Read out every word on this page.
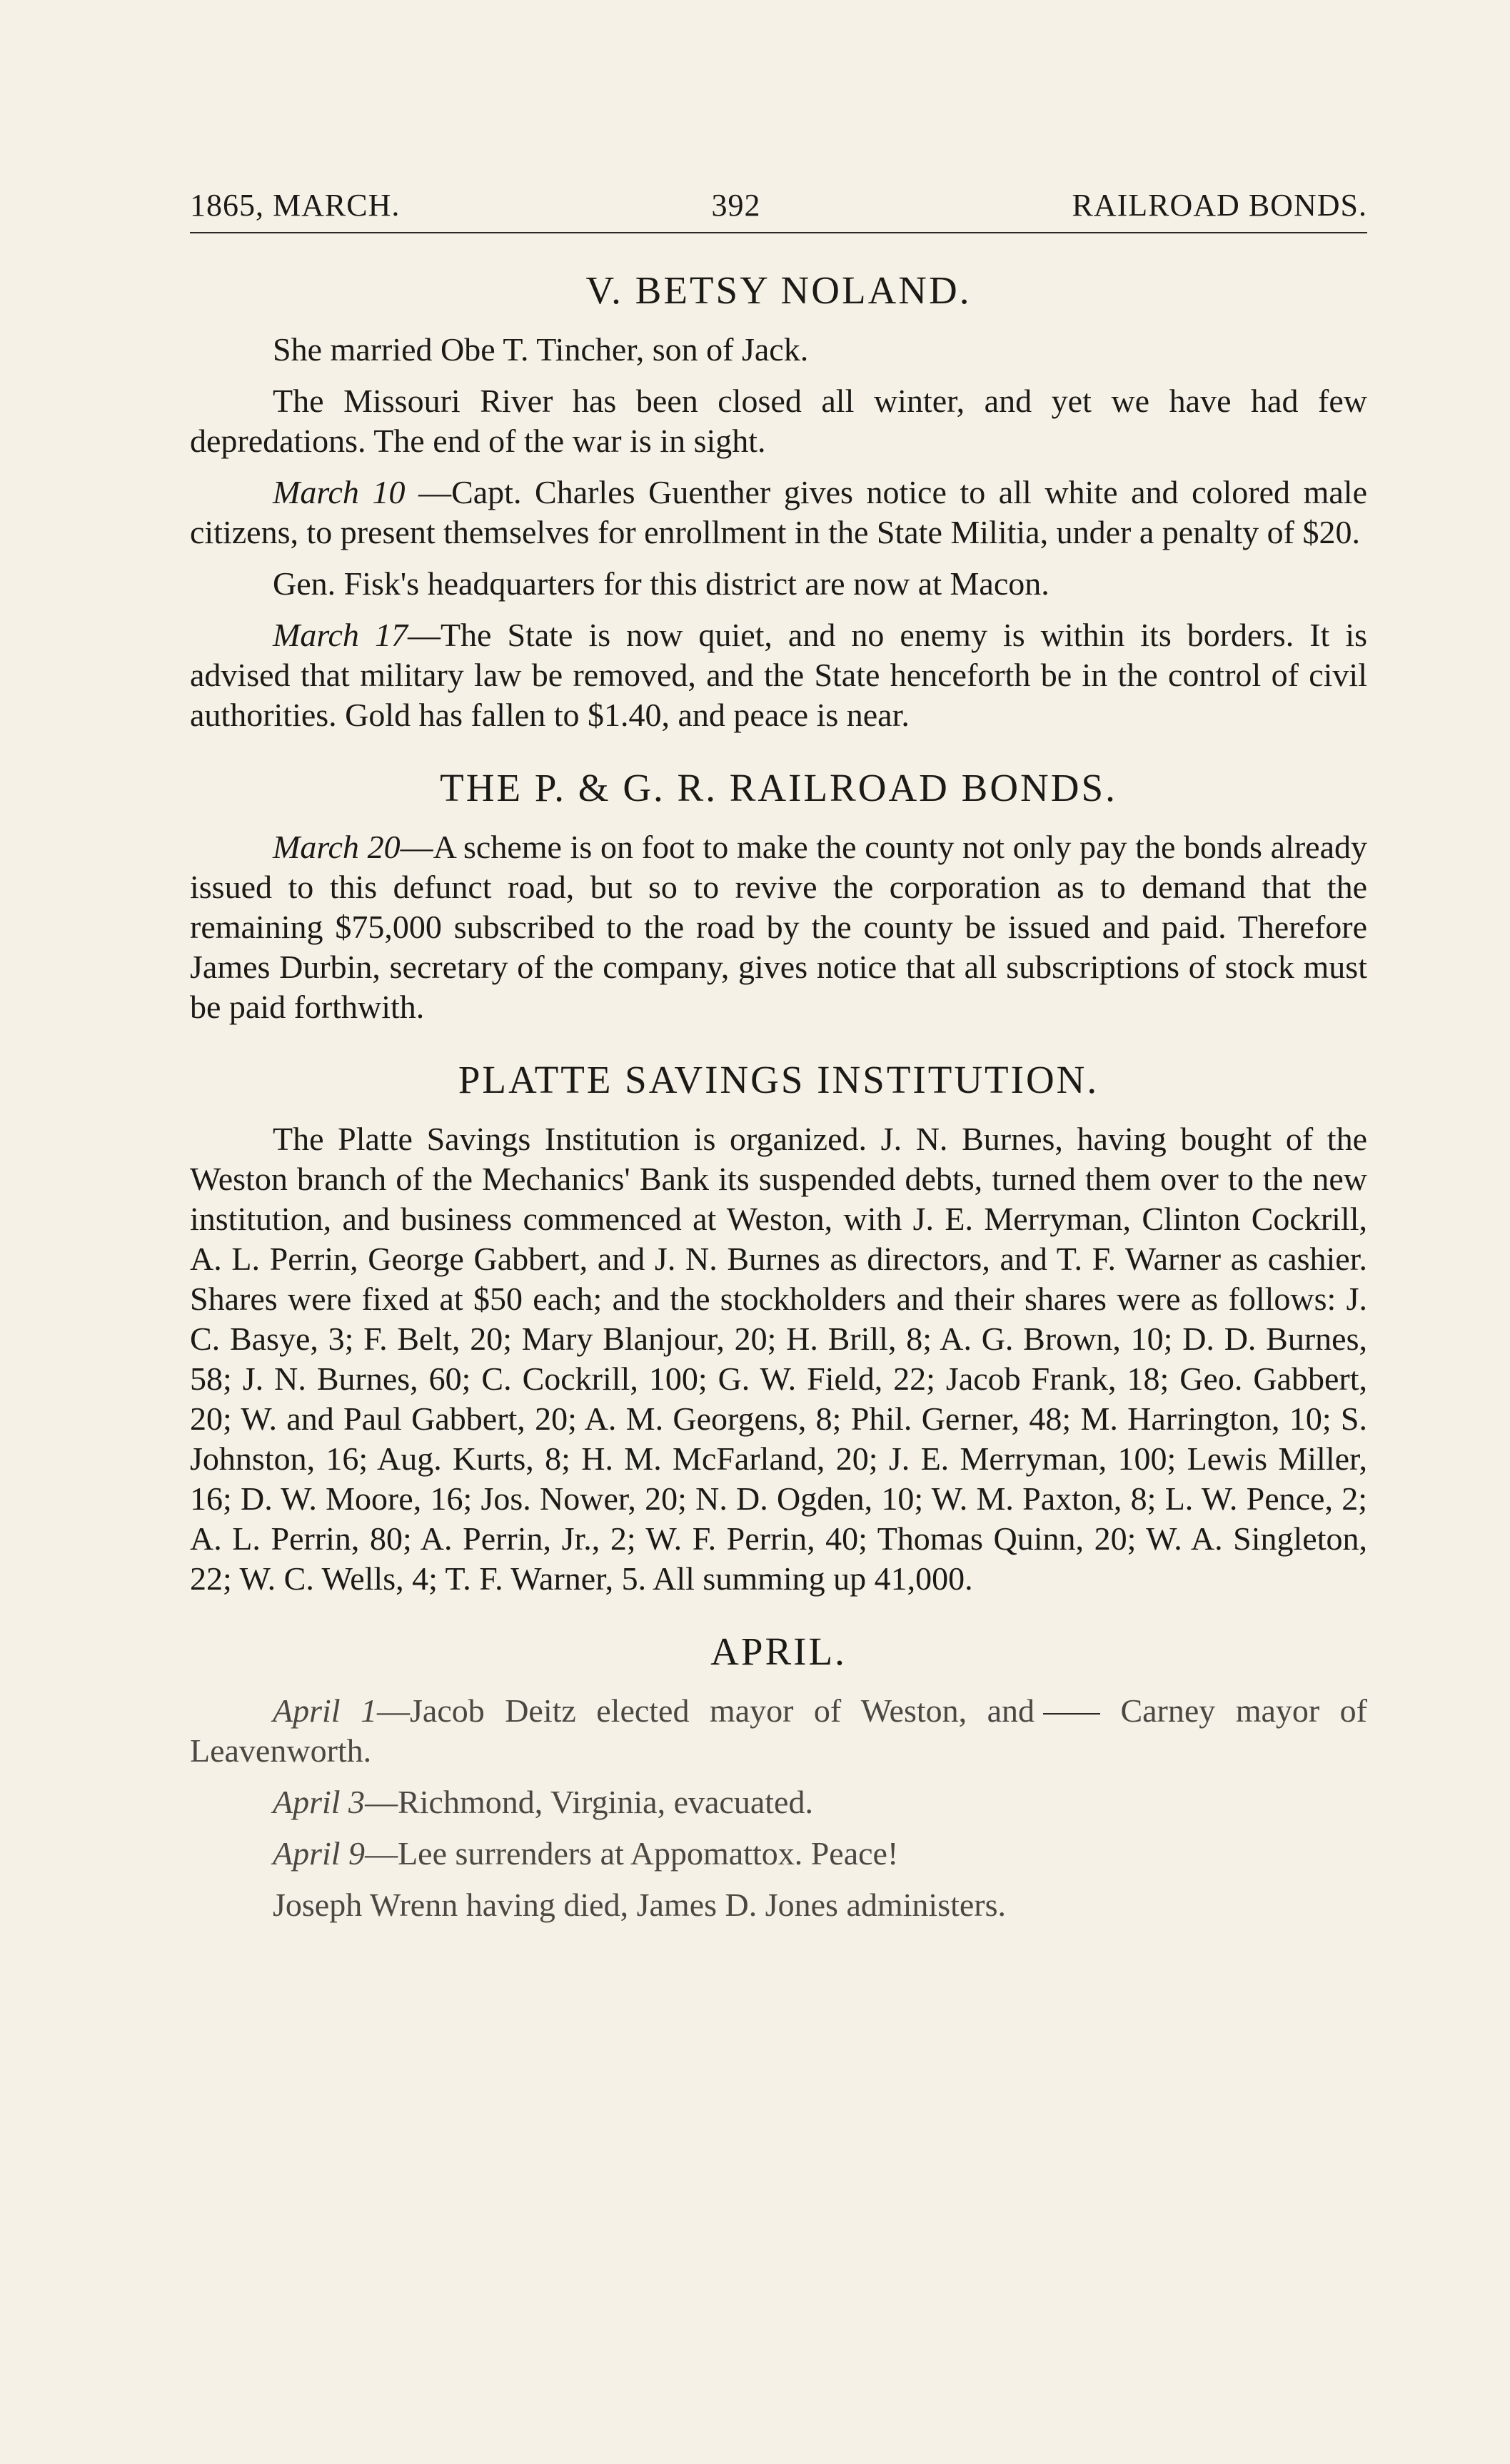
1865, MARCH.	392	RAILROAD BONDS.
V. BETSY NOLAND.

She married Obe T. Tincher, son of Jack.

The Missouri River has been closed all winter, and yet we have had few depredations. The end of the war is in sight.

March 10 —Capt. Charles Guenther gives notice to all white and colored male citizens, to present themselves for enrollment in the State Militia, under a penalty of $20.

Gen. Fisk's headquarters for this district are now at Macon.

March 17—The State is now quiet, and no enemy is within its borders. It is advised that military law be removed, and the State henceforth be in the control of civil authorities. Gold has fallen to $1.40, and peace is near.

THE P. & G. R. RAILROAD BONDS.

March 20—A scheme is on foot to make the county not only pay the bonds already issued to this defunct road, but so to revive the corporation as to demand that the remaining $75,000 subscribed to the road by the county be issued and paid. Therefore James Durbin, secretary of the company, gives notice that all subscriptions of stock must be paid forthwith.

PLATTE SAVINGS INSTITUTION.

The Platte Savings Institution is organized. J. N. Burnes, having bought of the Weston branch of the Mechanics' Bank its suspended debts, turned them over to the new institution, and business commenced at Weston, with J. E. Merryman, Clinton Cockrill, A. L. Perrin, George Gabbert, and J. N. Burnes as directors, and T. F. Warner as cashier. Shares were fixed at $50 each; and the stockholders and their shares were as follows: J. C. Basye, 3; F. Belt, 20; Mary Blanjour, 20; H. Brill, 8; A. G. Brown, 10; D. D. Burnes, 58; J. N. Burnes, 60; C. Cockrill, 100; G. W. Field, 22; Jacob Frank, 18; Geo. Gabbert, 20; W. and Paul Gabbert, 20; A. M. Georgens, 8; Phil. Gerner, 48; M. Harrington, 10; S. Johnston, 16; Aug. Kurts, 8; H. M. McFarland, 20; J. E. Merryman, 100; Lewis Miller, 16; D. W. Moore, 16; Jos. Nower, 20; N. D. Ogden, 10; W. M. Paxton, 8; L. W. Pence, 2; A. L. Perrin, 80; A. Perrin, Jr., 2; W. F. Perrin, 40; Thomas Quinn, 20; W. A. Singleton, 22; W. C. Wells, 4; T. F. Warner, 5. All summing up 41,000.

APRIL.

April 1—Jacob Deitz elected mayor of Weston, and	Carney mayor of Leavenworth.

April 3—Richmond, Virginia, evacuated.

April 9—Lee surrenders at Appomattox. Peace!

Joseph Wrenn having died, James D. Jones administers.
